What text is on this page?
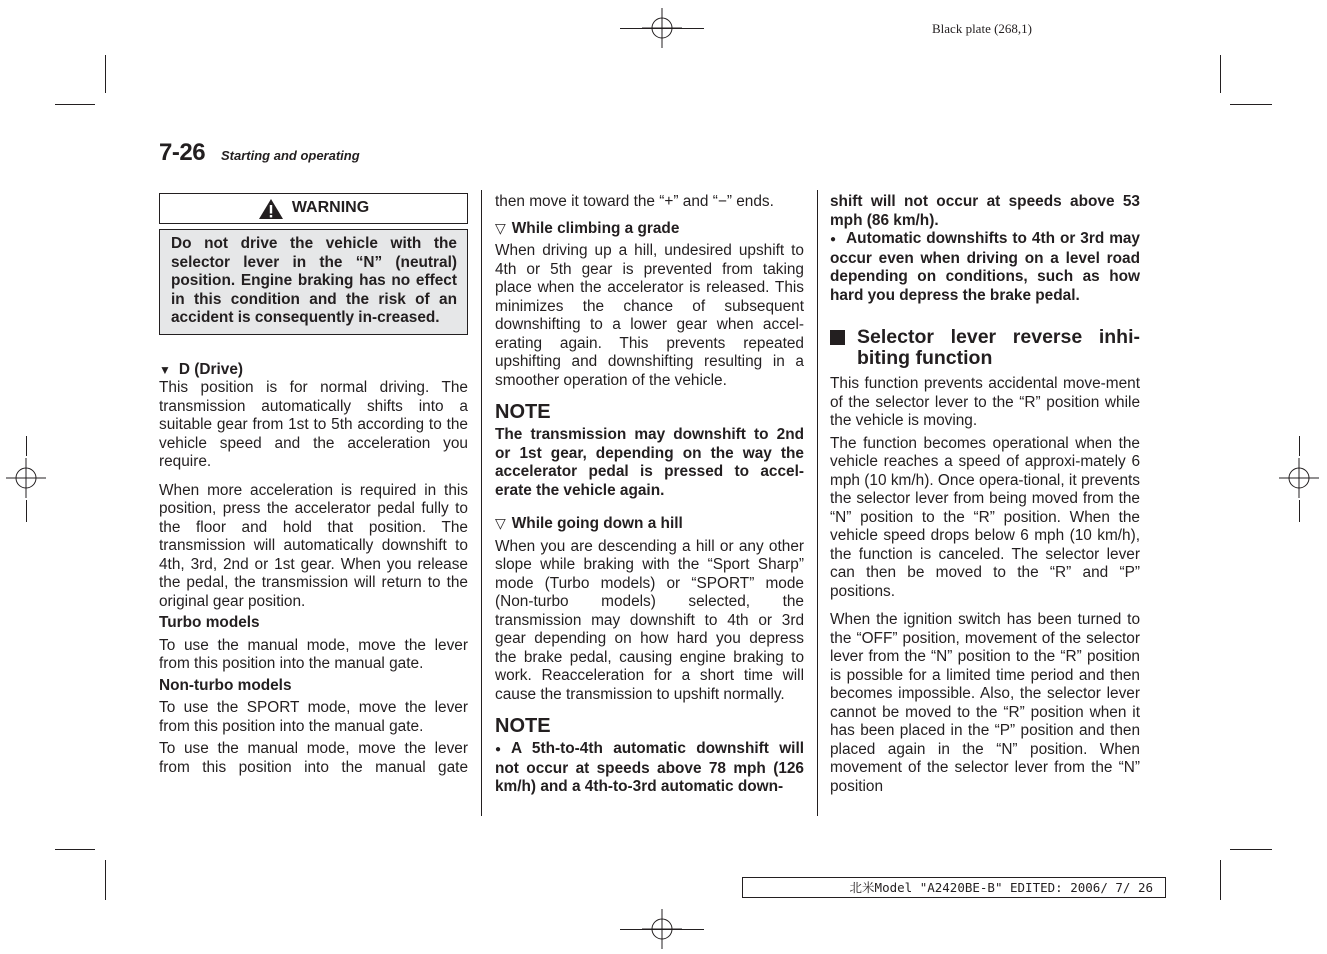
Black plate (268,1)
7-26 Starting and operating
WARNING
Do not drive the vehicle with the selector lever in the “N” (neutral) position. Engine braking has no effect in this condition and the risk of an accident is consequently in-creased.

▼ D (Drive)

This position is for normal driving. The transmission automatically shifts into a suitable gear from 1st to 5th according to the vehicle speed and the acceleration you require.

When more acceleration is required in this position, press the accelerator pedal fully to the floor and hold that position. The transmission will automatically downshift to 4th, 3rd, 2nd or 1st gear. When you release the pedal, the transmission will return to the original gear position.

Turbo models

To use the manual mode, move the lever from this position into the manual gate.

Non-turbo models

To use the SPORT mode, move the lever from this position into the manual gate.

To use the manual mode, move the lever from this position into the manual gate

then move it toward the “+” and “−” ends.

▽ While climbing a grade

When driving up a hill, undesired upshift to 4th or 5th gear is prevented from taking place when the accelerator is released. This minimizes the chance of subsequent downshifting to a lower gear when accel-erating again. This prevents repeated upshifting and downshifting resulting in a smoother operation of the vehicle.

NOTE

The transmission may downshift to 2nd or 1st gear, depending on the way the accelerator pedal is pressed to accel-erate the vehicle again.

▽ While going down a hill

When you are descending a hill or any other slope while braking with the “Sport Sharp” mode (Turbo models) or “SPORT” mode (Non-turbo models) selected, the transmission may downshift to 4th or 3rd gear depending on how hard you depress the brake pedal, causing engine braking to work. Reacceleration for a short time will cause the transmission to upshift normally.

NOTE

● A 5th-to-4th automatic downshift will not occur at speeds above 78 mph (126 km/h) and a 4th-to-3rd automatic down-

shift will not occur at speeds above 53 mph (86 km/h).

● Automatic downshifts to 4th or 3rd may occur even when driving on a level road depending on conditions, such as how hard you depress the brake pedal.

Selector lever reverse inhi-biting function

This function prevents accidental move-ment of the selector lever to the “R” position while the vehicle is moving.

The function becomes operational when the vehicle reaches a speed of approxi-mately 6 mph (10 km/h). Once opera-tional, it prevents the selector lever from being moved from the “N” position to the “R” position. When the vehicle speed drops below 6 mph (10 km/h), the function is canceled. The selector lever can then be moved to the “R” and “P” positions.

When the ignition switch has been turned to the “OFF” position, movement of the selector lever from the “N” position to the “R” position is possible for a limited time period and then becomes impossible. Also, the selector lever cannot be moved to the “R” position when it has been placed in the “P” position and then placed again in the “N” position. When movement of the selector lever from the “N” position

北米Model "A2420BE-B" EDITED: 2006/ 7/ 26
